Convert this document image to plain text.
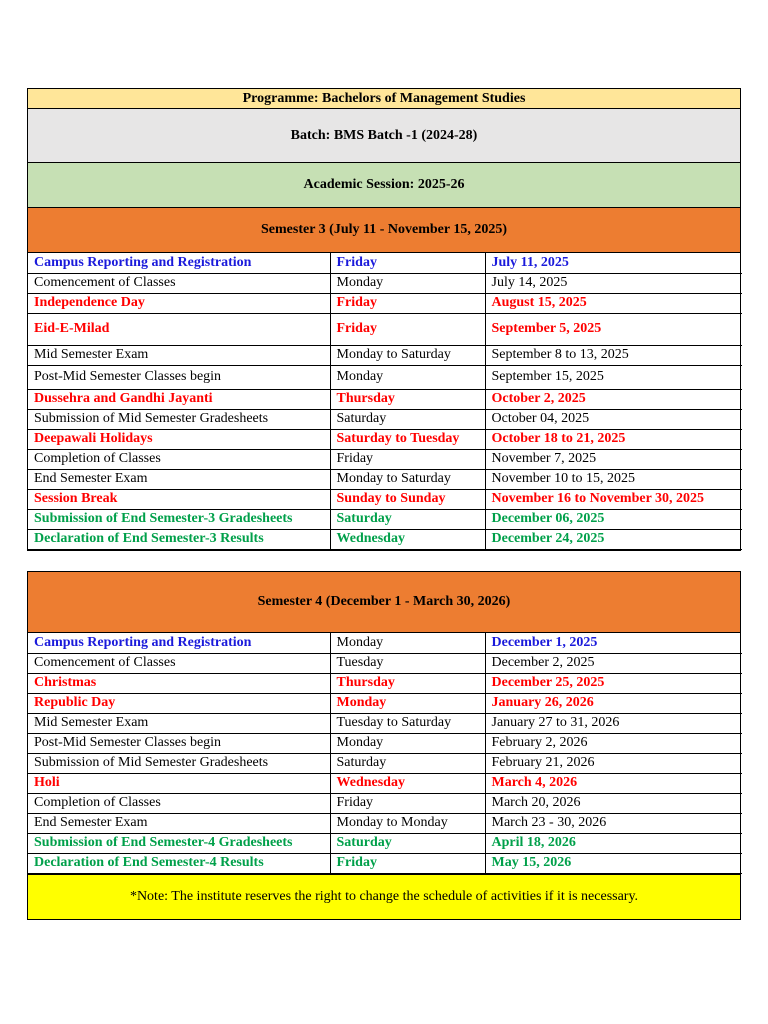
Programme: Bachelors of Management Studies
Batch: BMS Batch -1 (2024-28)
Academic Session: 2025-26
Semester 3 (July 11 - November 15, 2025)
Campus Reporting and Registration	Friday	July 11, 2025
Comencement of Classes	Monday	July 14, 2025
Independence Day	Friday	August 15, 2025
Eid-E-Milad	Friday	September 5, 2025
Mid Semester Exam	Monday to Saturday	September 8 to 13, 2025
Post-Mid Semester Classes begin	Monday	September 15, 2025
Dussehra and Gandhi Jayanti	Thursday	October 2, 2025
Submission of Mid Semester Gradesheets	Saturday	October 04, 2025
Deepawali Holidays	Saturday to Tuesday	October 18 to 21, 2025
Completion of Classes	Friday	November 7, 2025
End Semester Exam	Monday to Saturday	November 10 to 15, 2025
Session Break	Sunday to Sunday	November 16 to November 30, 2025
Submission of End Semester-3 Gradesheets	Saturday	December 06, 2025
Declaration of End Semester-3 Results	Wednesday	December 24, 2025
Semester 4 (December 1 - March 30, 2026)
Campus Reporting and Registration	Monday	December 1, 2025
Comencement of Classes	Tuesday	December 2, 2025
Christmas	Thursday	December 25, 2025
Republic Day	Monday	January 26, 2026
Mid Semester Exam	Tuesday to Saturday	January 27 to 31, 2026
Post-Mid Semester Classes begin	Monday	February 2, 2026
Submission of Mid Semester Gradesheets	Saturday	February 21, 2026
Holi	Wednesday	March 4, 2026
Completion of Classes	Friday	March 20, 2026
End Semester Exam	Monday to Monday	March 23 - 30, 2026
Submission of End Semester-4 Gradesheets	Saturday	April 18, 2026
Declaration of End Semester-4 Results	Friday	May 15, 2026
*Note: The institute reserves the right to change the schedule of activities if it is necessary.
